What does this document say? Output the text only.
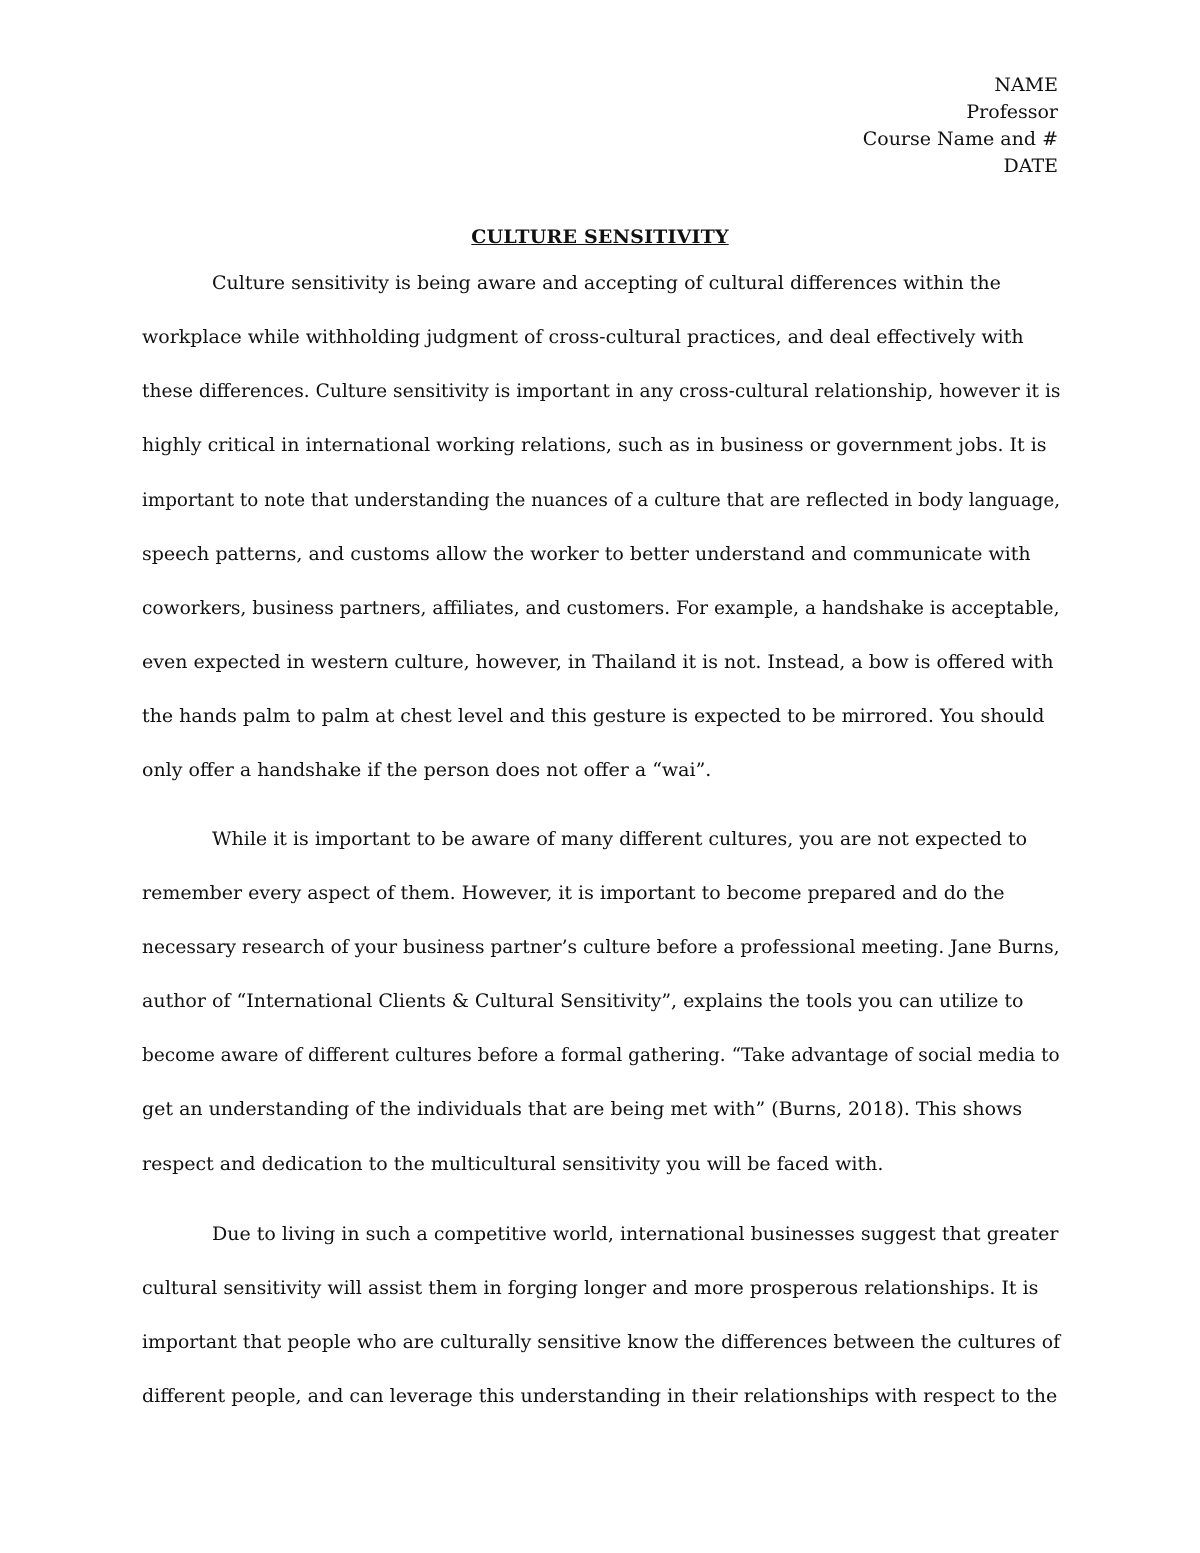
NAME
Professor
Course Name and #
DATE
CULTURE SENSITIVITY
Culture sensitivity is being aware and accepting of cultural differences within the
workplace while withholding judgment of cross-cultural practices, and deal effectively with
these differences. Culture sensitivity is important in any cross-cultural relationship, however it is
highly critical in international working relations, such as in business or government jobs. It is
important to note that understanding the nuances of a culture that are reflected in body language,
speech patterns, and customs allow the worker to better understand and communicate with
coworkers, business partners, affiliates, and customers. For example, a handshake is acceptable,
even expected in western culture, however, in Thailand it is not. Instead, a bow is offered with
the hands palm to palm at chest level and this gesture is expected to be mirrored. You should
only offer a handshake if the person does not offer a “wai”.
While it is important to be aware of many different cultures, you are not expected to
remember every aspect of them. However, it is important to become prepared and do the
necessary research of your business partner’s culture before a professional meeting. Jane Burns,
author of “International Clients & Cultural Sensitivity”, explains the tools you can utilize to
become aware of different cultures before a formal gathering. “Take advantage of social media to
get an understanding of the individuals that are being met with” (Burns, 2018). This shows
respect and dedication to the multicultural sensitivity you will be faced with.
Due to living in such a competitive world, international businesses suggest that greater
cultural sensitivity will assist them in forging longer and more prosperous relationships. It is
important that people who are culturally sensitive know the differences between the cultures of
different people, and can leverage this understanding in their relationships with respect to the
